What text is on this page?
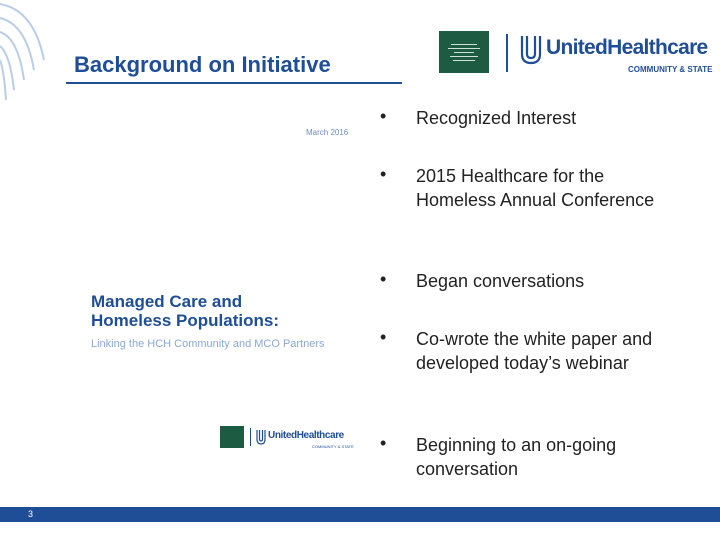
Background on Initiative
UnitedHealthcare
COMMUNITY & STATE
March 2016
Managed Care and
Homeless Populations:
Linking the HCH Community and MCO Partners
UnitedHealthcare
COMMUNITY & STATE
• Recognized Interest
• 2015 Healthcare for the Homeless Annual Conference
• Began conversations
• Co-wrote the white paper and developed today’s webinar
• Beginning to an on-going conversation
3
